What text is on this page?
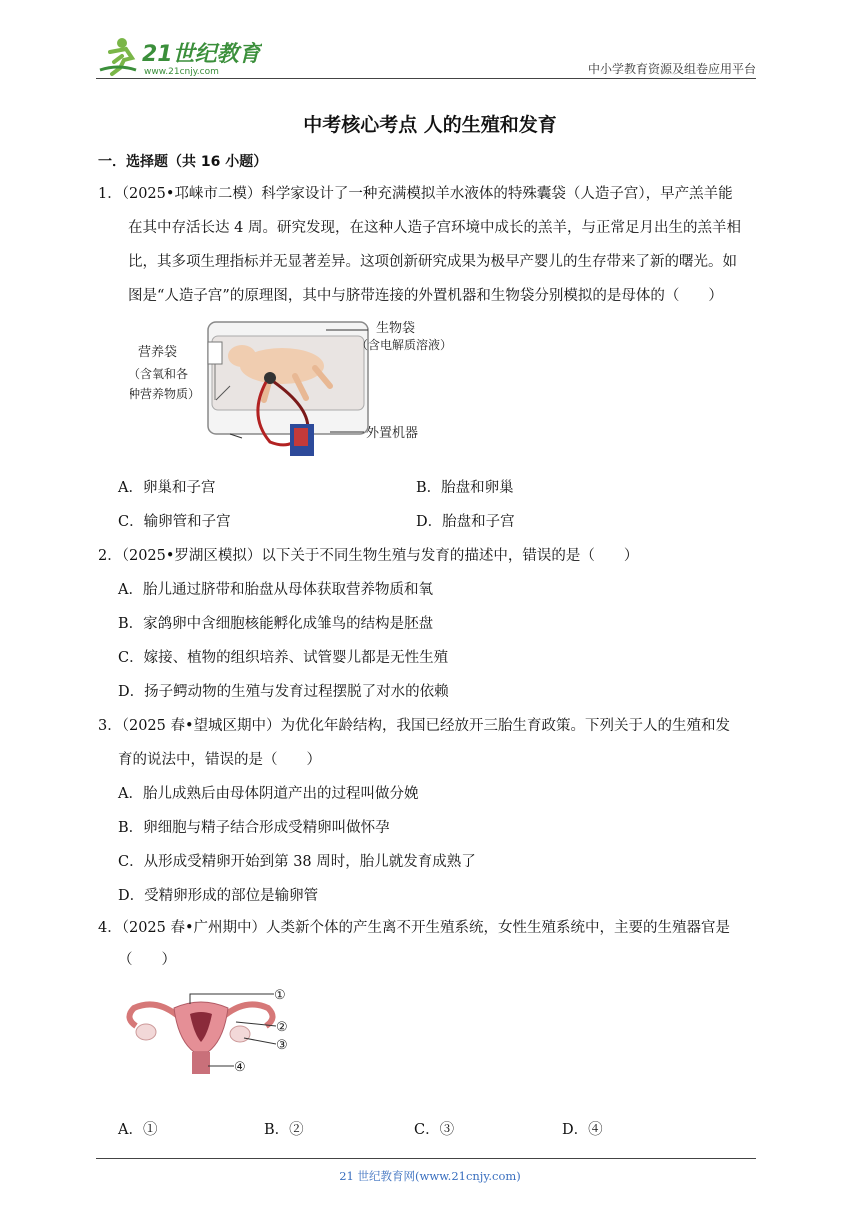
21世纪教育
www.21cnjy.com	中小学教育资源及组卷应用平台
中考核心考点 人的生殖和发育
一．选择题（共 16 小题）
1．（2025•邛崃市二模）科学家设计了一种充满模拟羊水液体的特殊囊袋（人造子宫），早产羔羊能
在其中存活长达 4 周。研究发现，在这种人造子宫环境中成长的羔羊，与正常足月出生的羔羊相
比，其多项生理指标并无显著差异。这项创新研究成果为极早产婴儿的生存带来了新的曙光。如
图是“人造子宫”的原理图，其中与脐带连接的外置机器和生物袋分别模拟的是母体的（　　）
生物袋
（含电解质溶液）
营养袋
（含氧和各
种营养物质）
外置机器
A．卵巢和子宫	B．胎盘和卵巢
C．输卵管和子宫	D．胎盘和子宫
2．（2025•罗湖区模拟）以下关于不同生物生殖与发育的描述中，错误的是（　　）
A．胎儿通过脐带和胎盘从母体获取营养物质和氧
B．家鸽卵中含细胞核能孵化成雏鸟的结构是胚盘
C．嫁接、植物的组织培养、试管婴儿都是无性生殖
D．扬子鳄动物的生殖与发育过程摆脱了对水的依赖
3．（2025 春•望城区期中）为优化年龄结构，我国已经放开三胎生育政策。下列关于人的生殖和发
育的说法中，错误的是（　　）
A．胎儿成熟后由母体阴道产出的过程叫做分娩
B．卵细胞与精子结合形成受精卵叫做怀孕
C．从形成受精卵开始到第 38 周时，胎儿就发育成熟了
D．受精卵形成的部位是输卵管
4．（2025 春•广州期中）人类新个体的产生离不开生殖系统，女性生殖系统中，主要的生殖器官是
（　　）
①
②
③
④
A．①	B．②	C．③	D．④
21 世纪教育网(www.21cnjy.com)
